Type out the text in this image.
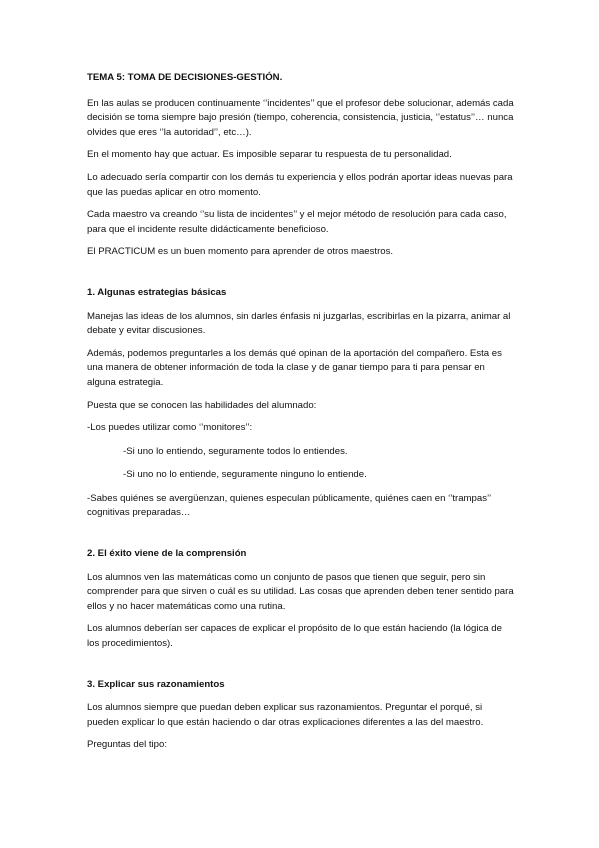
TEMA 5: TOMA DE DECISIONES-GESTIÓN.

En las aulas se producen continuamente ‘’incidentes’’ que el profesor debe solucionar, además cada decisión se toma siempre bajo presión (tiempo, coherencia, consistencia, justicia, ‘’estatus’’… nunca olvides que eres ‘’la autoridad’’, etc…).

En el momento hay que actuar. Es imposible separar tu respuesta de tu personalidad.

Lo adecuado sería compartir con los demás tu experiencia y ellos podrán aportar ideas nuevas para que las puedas aplicar en otro momento.

Cada maestro va creando ‘’su lista de incidentes’’ y el mejor método de resolución para cada caso, para que el incidente resulte didácticamente beneficioso.

El PRACTICUM es un buen momento para aprender de otros maestros.

1. Algunas estrategias básicas

Manejas las ideas de los alumnos, sin darles énfasis ni juzgarlas, escribirlas en la pizarra, animar al debate y evitar discusiones.

Además, podemos preguntarles a los demás qué opinan de la aportación del compañero. Esta es una manera de obtener información de toda la clase y de ganar tiempo para ti para pensar en alguna estrategia.

Puesta que se conocen las habilidades del alumnado:

-Los puedes utilizar como ‘’monitores’’:

-Si uno lo entiendo, seguramente todos lo entiendes.

-Si uno no lo entiende, seguramente ninguno lo entiende.

-Sabes quiénes se avergüenzan, quienes especulan públicamente, quiénes caen en ‘’trampas’’ cognitivas preparadas…

2. El éxito viene de la comprensión

Los alumnos ven las matemáticas como un conjunto de pasos que tienen que seguir, pero sin comprender para que sirven o cuál es su utilidad. Las cosas que aprenden deben tener sentido para ellos y no hacer matemáticas como una rutina.

Los alumnos deberían ser capaces de explicar el propósito de lo que están haciendo (la lógica de los procedimientos).

3. Explicar sus razonamientos

Los alumnos siempre que puedan deben explicar sus razonamientos. Preguntar el porqué, si pueden explicar lo que están haciendo o dar otras explicaciones diferentes a las del maestro.

Preguntas del tipo:
